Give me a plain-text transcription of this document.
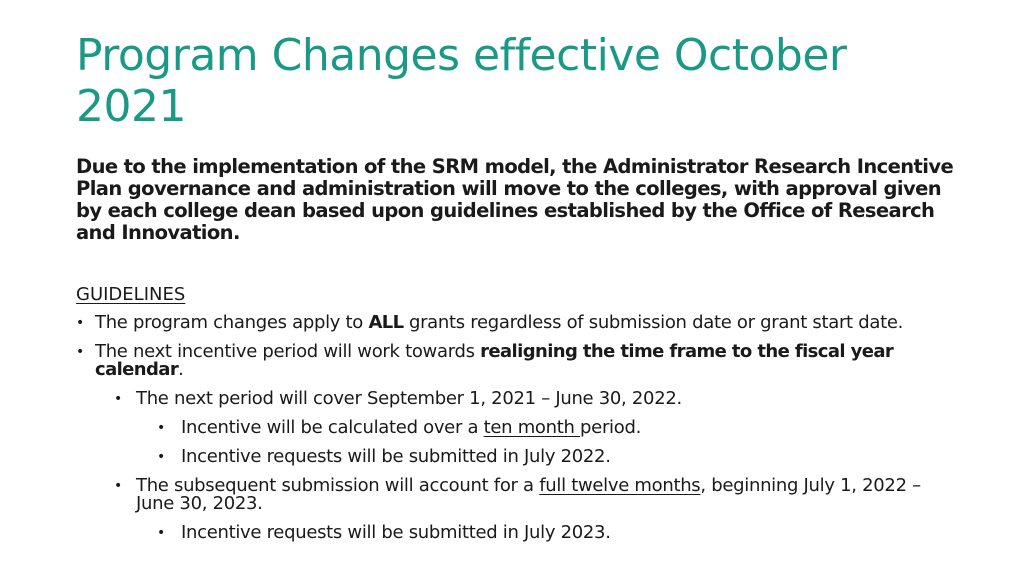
Program Changes effective October 2021
Due to the implementation of the SRM model, the Administrator Research Incentive Plan governance and administration will move to the colleges, with approval given by each college dean based upon guidelines established by the Office of Research and Innovation.
GUIDELINES
• The program changes apply to ALL grants regardless of submission date or grant start date.
• The next incentive period will work towards realigning the time frame to the fiscal year calendar.
• The next period will cover September 1, 2021 – June 30, 2022.
• Incentive will be calculated over a ten month period.
• Incentive requests will be submitted in July 2022.
• The subsequent submission will account for a full twelve months, beginning July 1, 2022 – June 30, 2023.
• Incentive requests will be submitted in July 2023.
